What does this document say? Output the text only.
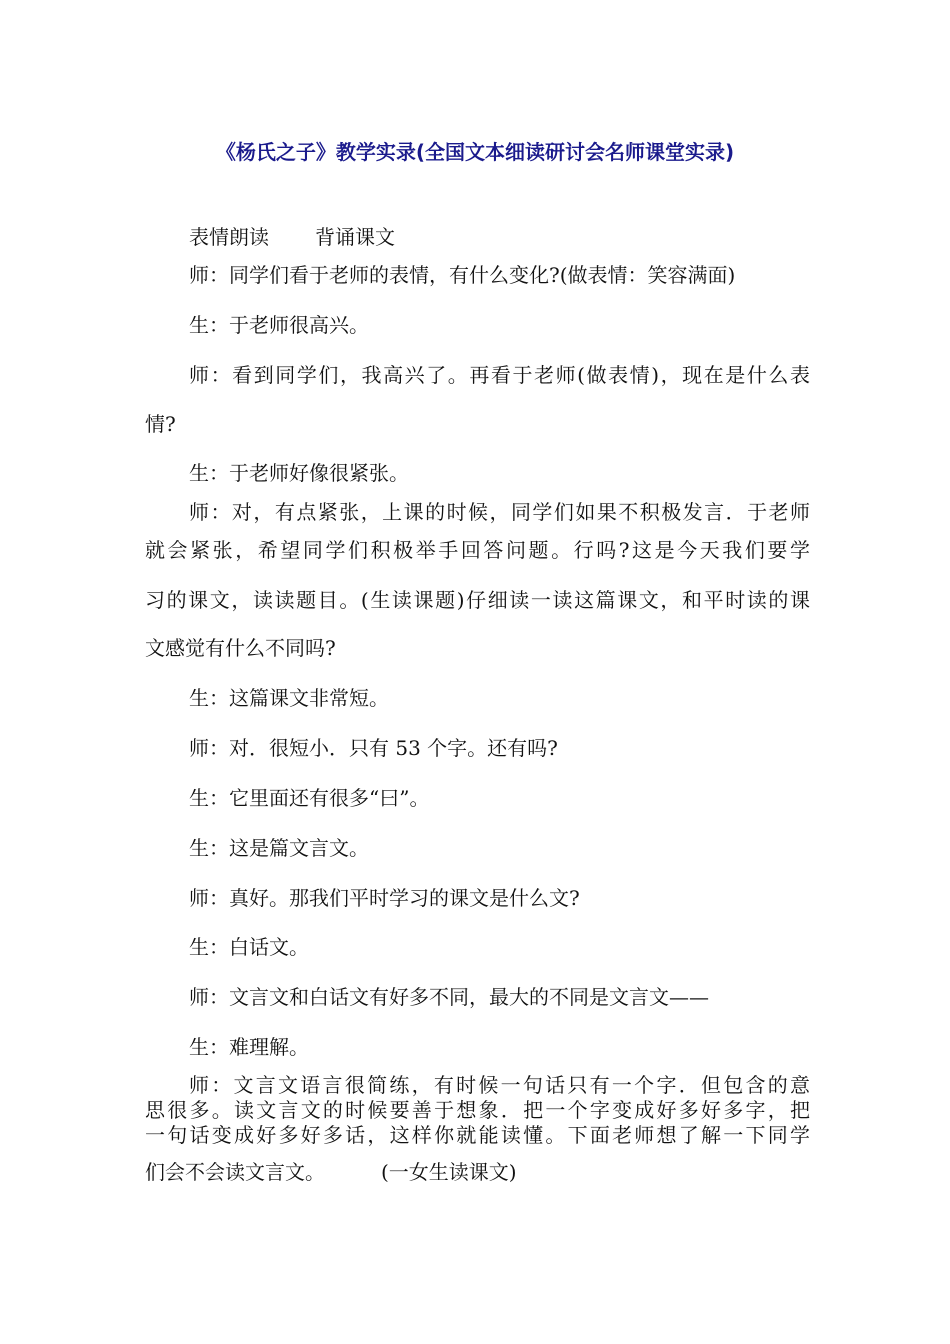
《杨氏之子》教学实录(全国文本细读研讨会名师课堂实录)

表情朗读 背诵课文

师：同学们看于老师的表情，有什么变化?(做表情：笑容满面)

生：于老师很高兴。

师：看到同学们，我高兴了。再看于老师(做表情)，现在是什么表

情?

生：于老师好像很紧张。

师：对，有点紧张，上课的时候，同学们如果不积极发言．于老师

就会紧张，希望同学们积极举手回答问题。行吗?这是今天我们要学

习的课文，读读题目。(生读课题)仔细读一读这篇课文，和平时读的课

文感觉有什么不同吗?

生：这篇课文非常短。

师：对．很短小．只有 53 个字。还有吗?

生：它里面还有很多“曰”。

生：这是篇文言文。

师：真好。那我们平时学习的课文是什么文?

生：白话文。

师：文言文和白话文有好多不同，最大的不同是文言文——

生：难理解。

师：文言文语言很简练，有时候一句话只有一个字．但包含的意

思很多。读文言文的时候要善于想象．把一个字变成好多好多字，把

一句话变成好多好多话，这样你就能读懂。下面老师想了解一下同学

们会不会读文言文。	(一女生读课文)
